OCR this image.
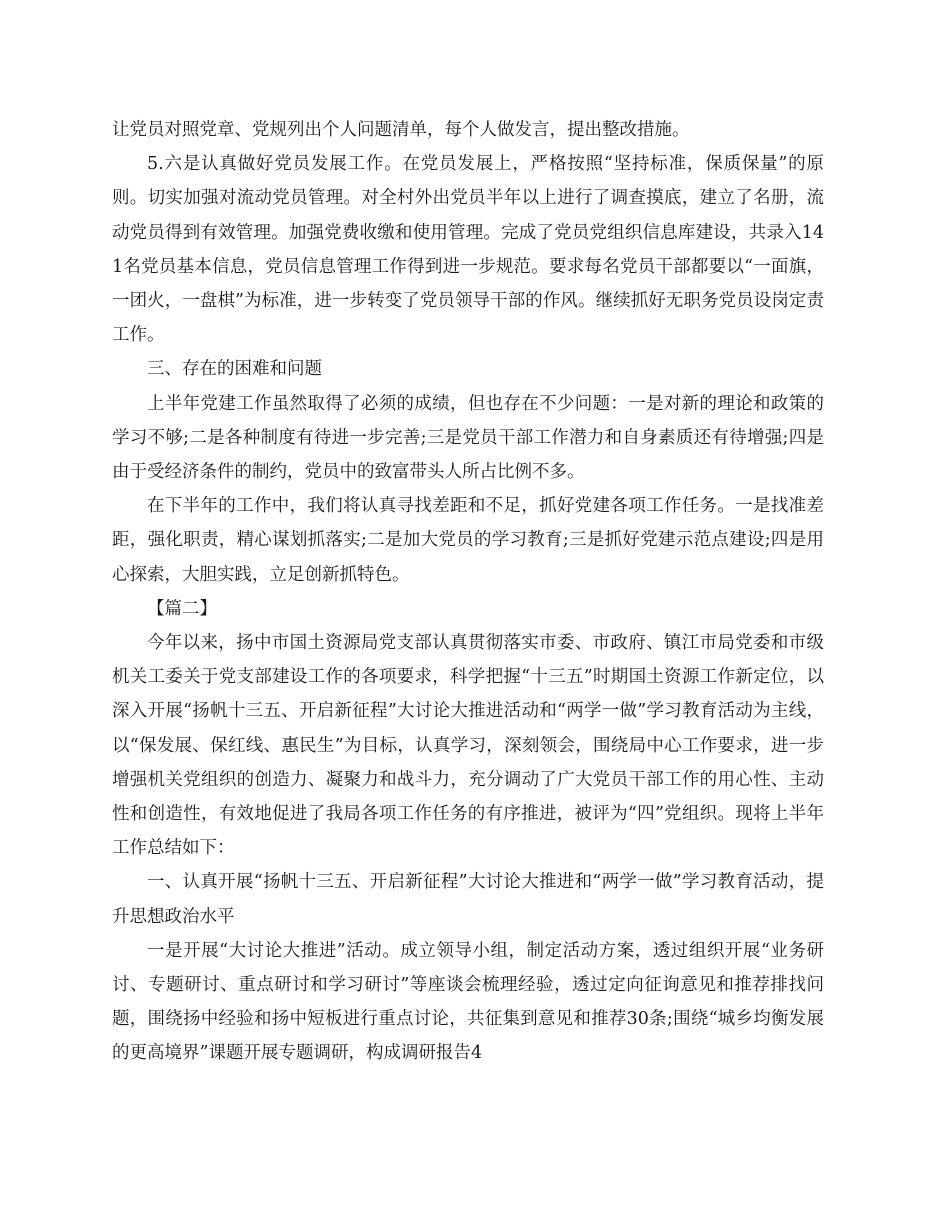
让党员对照党章、党规列出个人问题清单，每个人做发言，提出整改措施。

5.六是认真做好党员发展工作。在党员发展上，严格按照“坚持标准，保质保量”的原则。切实加强对流动党员管理。对全村外出党员半年以上进行了调查摸底，建立了名册，流动党员得到有效管理。加强党费收缴和使用管理。完成了党员党组织信息库建设，共录入141名党员基本信息，党员信息管理工作得到进一步规范。要求每名党员干部都要以“一面旗，一团火，一盘棋”为标准，进一步转变了党员领导干部的作风。继续抓好无职务党员设岗定责工作。

三、存在的困难和问题

上半年党建工作虽然取得了必须的成绩，但也存在不少问题：一是对新的理论和政策的学习不够;二是各种制度有待进一步完善;三是党员干部工作潜力和自身素质还有待增强;四是由于受经济条件的制约，党员中的致富带头人所占比例不多。

在下半年的工作中，我们将认真寻找差距和不足，抓好党建各项工作任务。一是找准差距，强化职责，精心谋划抓落实;二是加大党员的学习教育;三是抓好党建示范点建设;四是用心探索，大胆实践，立足创新抓特色。

【篇二】

今年以来，扬中市国土资源局党支部认真贯彻落实市委、市政府、镇江市局党委和市级机关工委关于党支部建设工作的各项要求，科学把握“十三五”时期国土资源工作新定位，以深入开展“扬帆十三五、开启新征程”大讨论大推进活动和“两学一做”学习教育活动为主线，以“保发展、保红线、惠民生”为目标，认真学习，深刻领会，围绕局中心工作要求，进一步增强机关党组织的创造力、凝聚力和战斗力，充分调动了广大党员干部工作的用心性、主动性和创造性，有效地促进了我局各项工作任务的有序推进，被评为“四”党组织。现将上半年工作总结如下：

一、认真开展“扬帆十三五、开启新征程”大讨论大推进和“两学一做”学习教育活动，提升思想政治水平

一是开展“大讨论大推进”活动。成立领导小组，制定活动方案，透过组织开展“业务研讨、专题研讨、重点研讨和学习研讨”等座谈会梳理经验，透过定向征询意见和推荐排找问题，围绕扬中经验和扬中短板进行重点讨论，共征集到意见和推荐30条;围绕“城乡均衡发展的更高境界”课题开展专题调研，构成调研报告4
